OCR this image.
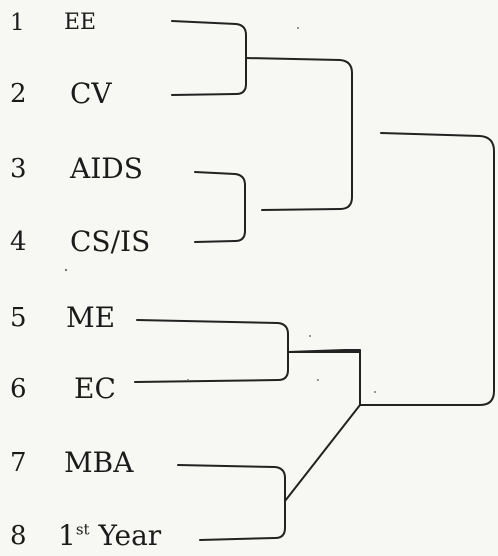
1 EE
2 CV
3 AIDS
4 CS/IS
5 ME
6 EC
7 MBA
8 1st Year
